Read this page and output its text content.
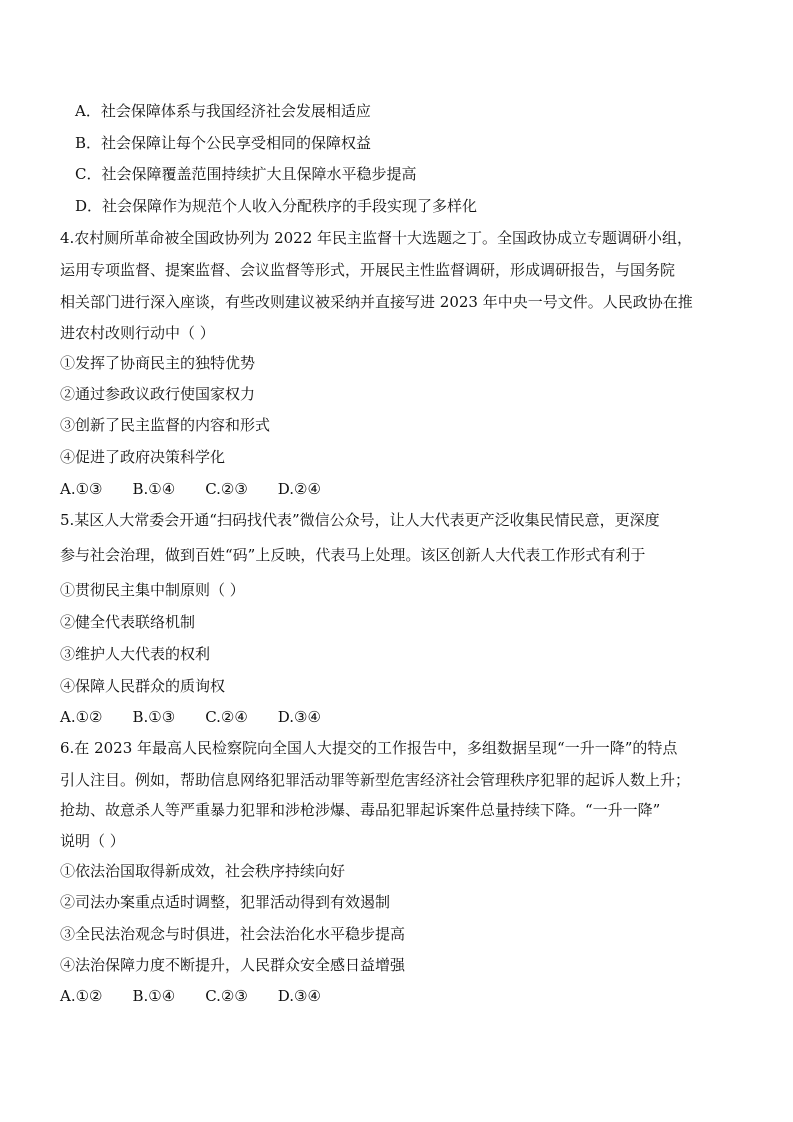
A．社会保障体系与我国经济社会发展相适应
B．社会保障让每个公民享受相同的保障权益
C．社会保障覆盖范围持续扩大且保障水平稳步提高
D．社会保障作为规范个人收入分配秩序的手段实现了多样化
4.农村厕所革命被全国政协列为 2022 年民主监督十大选题之丁。全国政协成立专题调研小组，
运用专项监督、提案监督、会议监督等形式，开展民主性监督调研，形成调研报告，与国务院
相关部门进行深入座谈，有些改则建议被采纳并直接写进 2023 年中央一号文件。人民政协在推
进农村改则行动中（ ）
①发挥了协商民主的独特优势
②通过参政议政行使国家权力
③创新了民主监督的内容和形式
④促进了政府决策科学化
A.①③ B.①④ C.②③ D.②④
5.某区人大常委会开通“扫码找代表”微信公众号，让人大代表更产泛收集民情民意，更深度
参与社会治理，做到百姓“码”上反映，代表马上处理。该区创新人大代表工作形式有利于
①贯彻民主集中制原则（ ）
②健全代表联络机制
③维护人大代表的权利
④保障人民群众的质询权
A.①② B.①③ C.②④ D.③④
6.在 2023 年最高人民检察院向全国人大提交的工作报告中，多组数据呈现“一升一降”的特点
引人注目。例如，帮助信息网络犯罪活动罪等新型危害经济社会管理秩序犯罪的起诉人数上升；
抢劫、故意杀人等严重暴力犯罪和涉枪涉爆、毒品犯罪起诉案件总量持续下降。“一升一降”
说明（ ）
①依法治国取得新成效，社会秩序持续向好
②司法办案重点适时调整，犯罪活动得到有效遏制
③全民法治观念与时俱进，社会法治化水平稳步提高
④法治保障力度不断提升，人民群众安全感日益增强
A.①② B.①④ C.②③ D.③④
